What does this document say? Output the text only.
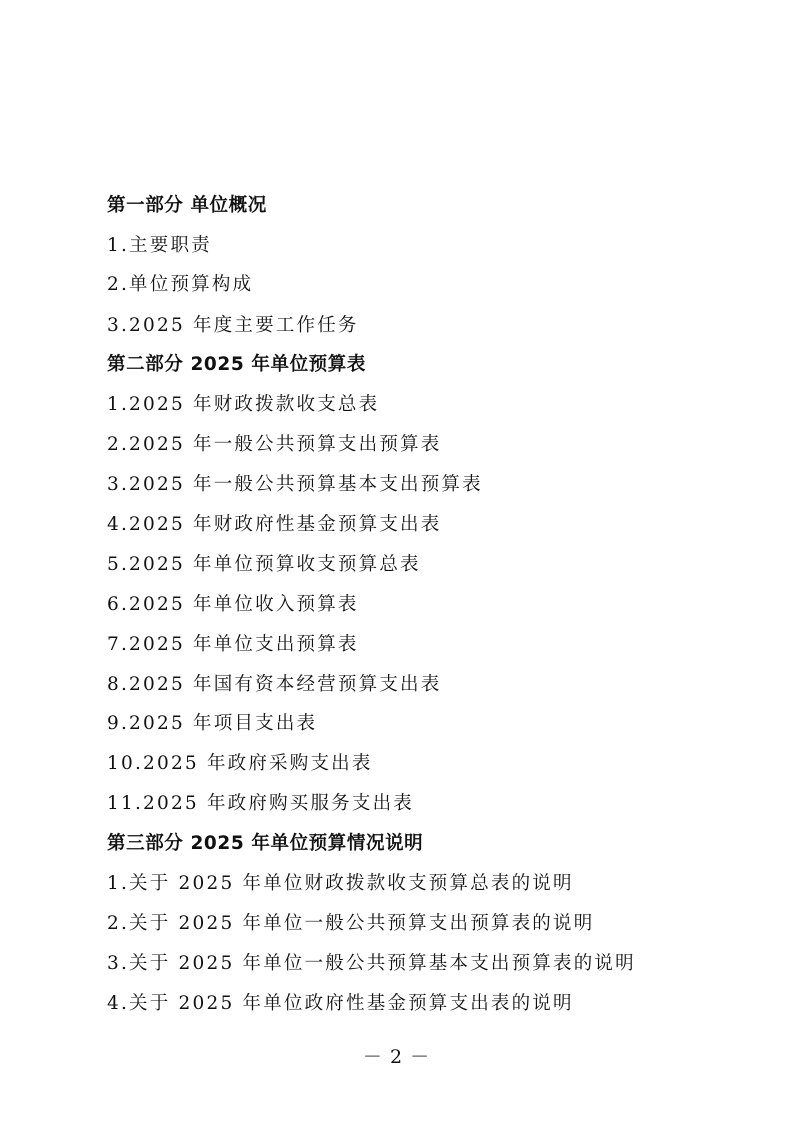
第一部分 单位概况
1.主要职责
2.单位预算构成
3.2025 年度主要工作任务
第二部分 2025 年单位预算表
1.2025 年财政拨款收支总表
2.2025 年一般公共预算支出预算表
3.2025 年一般公共预算基本支出预算表
4.2025 年财政府性基金预算支出表
5.2025 年单位预算收支预算总表
6.2025 年单位收入预算表
7.2025 年单位支出预算表
8.2025 年国有资本经营预算支出表
9.2025 年项目支出表
10.2025 年政府采购支出表
11.2025 年政府购买服务支出表
第三部分 2025 年单位预算情况说明
1.关于 2025 年单位财政拨款收支预算总表的说明
2.关于 2025 年单位一般公共预算支出预算表的说明
3.关于 2025 年单位一般公共预算基本支出预算表的说明
4.关于 2025 年单位政府性基金预算支出表的说明
－ 2 －
